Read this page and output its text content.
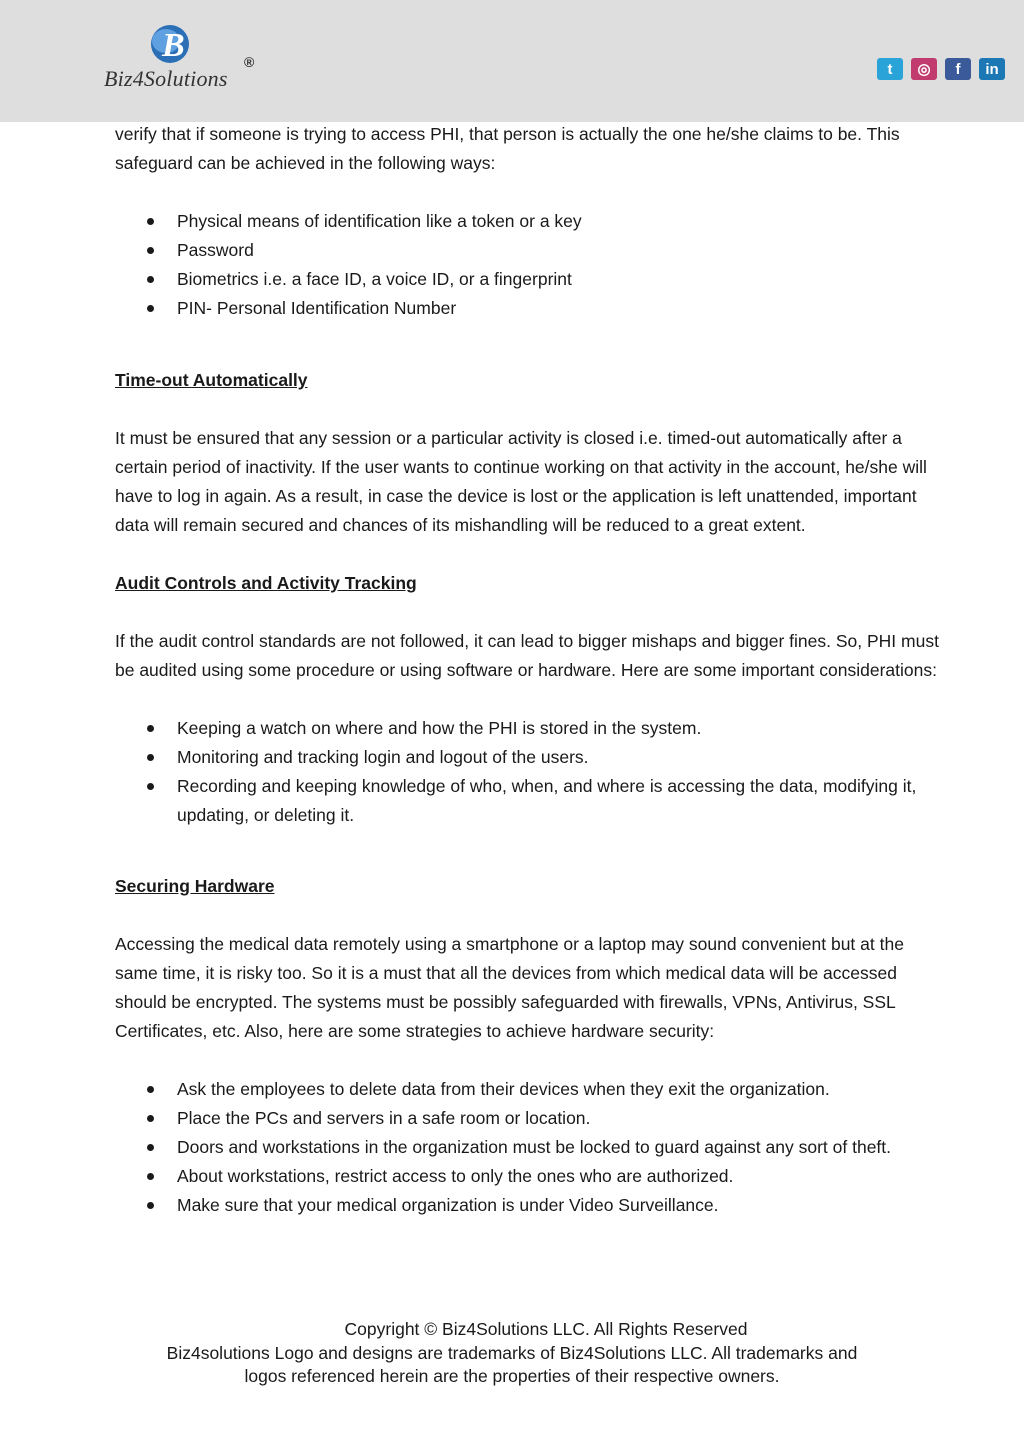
B
Biz4Solutions
®	t	◎	f	in

verify that if someone is trying to access PHI, that person is actually the one he/she claims to be. This safeguard can be achieved in the following ways:

Physical means of identification like a token or a key
Password
Biometrics i.e. a face ID, a voice ID, or a fingerprint
PIN- Personal Identification Number

Time-out Automatically

It must be ensured that any session or a particular activity is closed i.e. timed-out automatically after a certain period of inactivity. If the user wants to continue working on that activity in the account, he/she will have to log in again. As a result, in case the device is lost or the application is left unattended, important data will remain secured and chances of its mishandling will be reduced to a great extent.

Audit Controls and Activity Tracking

If the audit control standards are not followed, it can lead to bigger mishaps and bigger fines. So, PHI must be audited using some procedure or using software or hardware. Here are some important considerations:

Keeping a watch on where and how the PHI is stored in the system.
Monitoring and tracking login and logout of the users.
Recording and keeping knowledge of who, when, and where is accessing the data, modifying it, updating, or deleting it.

Securing Hardware

Accessing the medical data remotely using a smartphone or a laptop may sound convenient but at the same time, it is risky too. So it is a must that all the devices from which medical data will be accessed should be encrypted. The systems must be possibly safeguarded with firewalls, VPNs, Antivirus, SSL Certificates, etc. Also, here are some strategies to achieve hardware security:

Ask the employees to delete data from their devices when they exit the organization.
Place the PCs and servers in a safe room or location.
Doors and workstations in the organization must be locked to guard against any sort of theft.
About workstations, restrict access to only the ones who are authorized.
Make sure that your medical organization is under Video Surveillance.
Copyright © Biz4Solutions LLC. All Rights Reserved
Biz4solutions Logo and designs are trademarks of Biz4Solutions LLC. All trademarks and
logos referenced herein are the properties of their respective owners.
